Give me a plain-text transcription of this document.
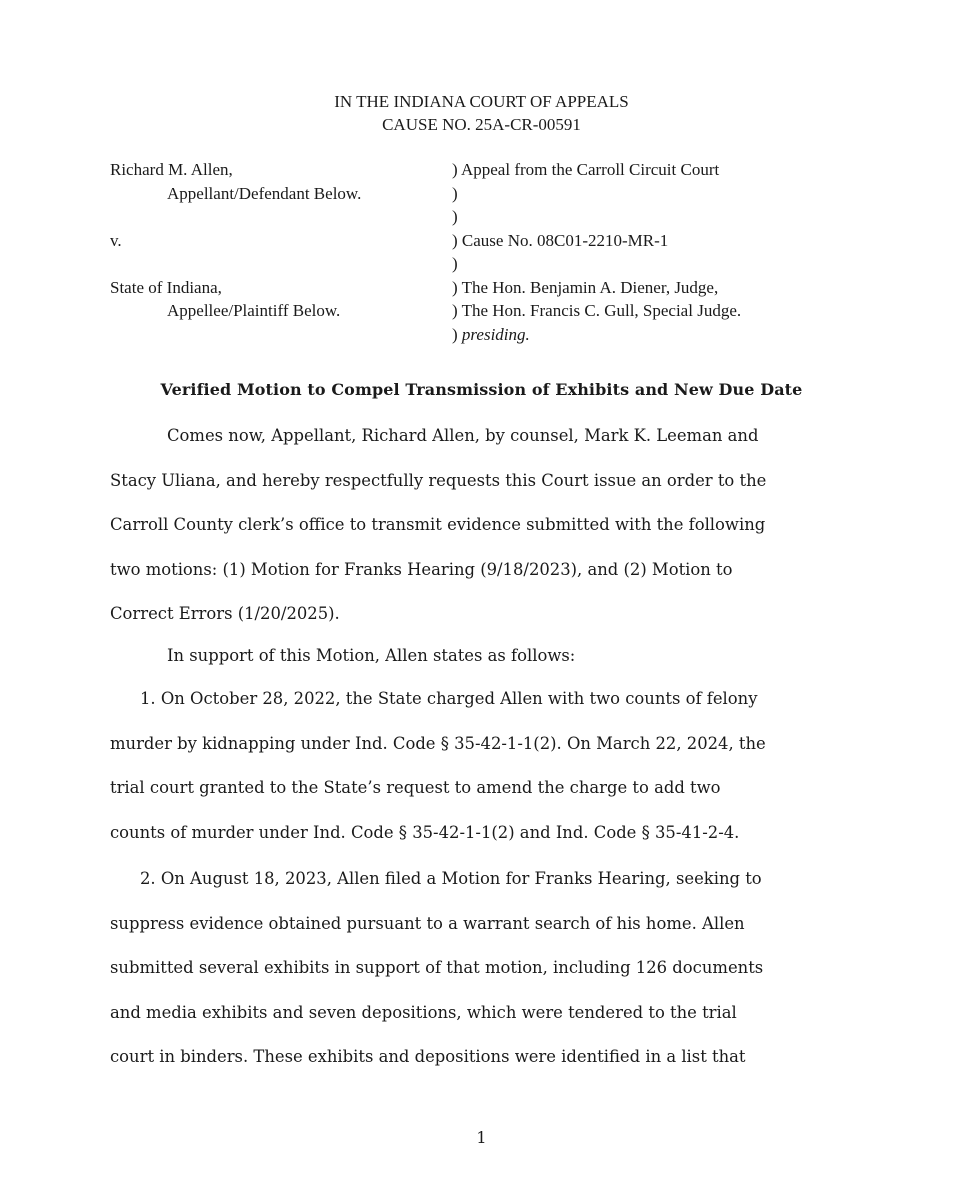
IN THE INDIANA COURT OF APPEALS
CAUSE NO. 25A-CR-00591
Richard M. Allen,	) Appeal from the Carroll Circuit Court
Appellant/Defendant Below.	)
)
v.	) Cause No. 08C01-2210-MR-1
)
State of Indiana,	) The Hon. Benjamin A. Diener, Judge,
Appellee/Plaintiff Below.	) The Hon. Francis C. Gull, Special Judge.
) presiding.
Verified Motion to Compel Transmission of Exhibits and New Due Date
Comes now, Appellant, Richard Allen, by counsel, Mark K. Leeman and
Stacy Uliana, and hereby respectfully requests this Court issue an order to the
Carroll County clerk’s office to transmit evidence submitted with the following
two motions: (1) Motion for Franks Hearing (9/18/2023), and (2) Motion to
Correct Errors (1/20/2025).
In support of this Motion, Allen states as follows:
1. On October 28, 2022, the State charged Allen with two counts of felony
murder by kidnapping under Ind. Code § 35-42-1-1(2). On March 22, 2024, the
trial court granted to the State’s request to amend the charge to add two
counts of murder under Ind. Code § 35-42-1-1(2) and Ind. Code § 35-41-2-4.
2. On August 18, 2023, Allen filed a Motion for Franks Hearing, seeking to
suppress evidence obtained pursuant to a warrant search of his home. Allen
submitted several exhibits in support of that motion, including 126 documents
and media exhibits and seven depositions, which were tendered to the trial
court in binders. These exhibits and depositions were identified in a list that
1
